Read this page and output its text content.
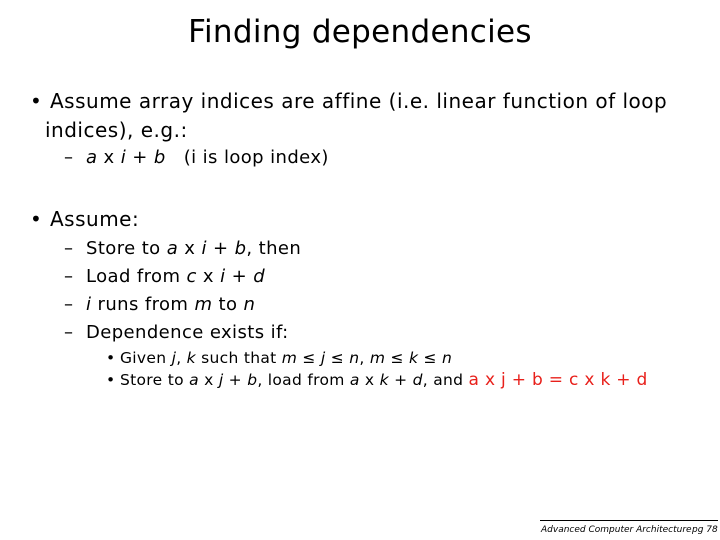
Finding dependencies
• Assume array indices are affine (i.e. linear function of loop
indices), e.g.:
– a x i + b (i is loop index)
• Assume:
– Store to a x i + b, then
– Load from c x i + d
– i runs from m to n
– Dependence exists if:
• Given j, k such that m ≤ j ≤ n, m ≤ k ≤ n
• Store to a x j + b, load from a x k + d, and a x j + b = c x k + d
Advanced Computer Architecture pg 78
